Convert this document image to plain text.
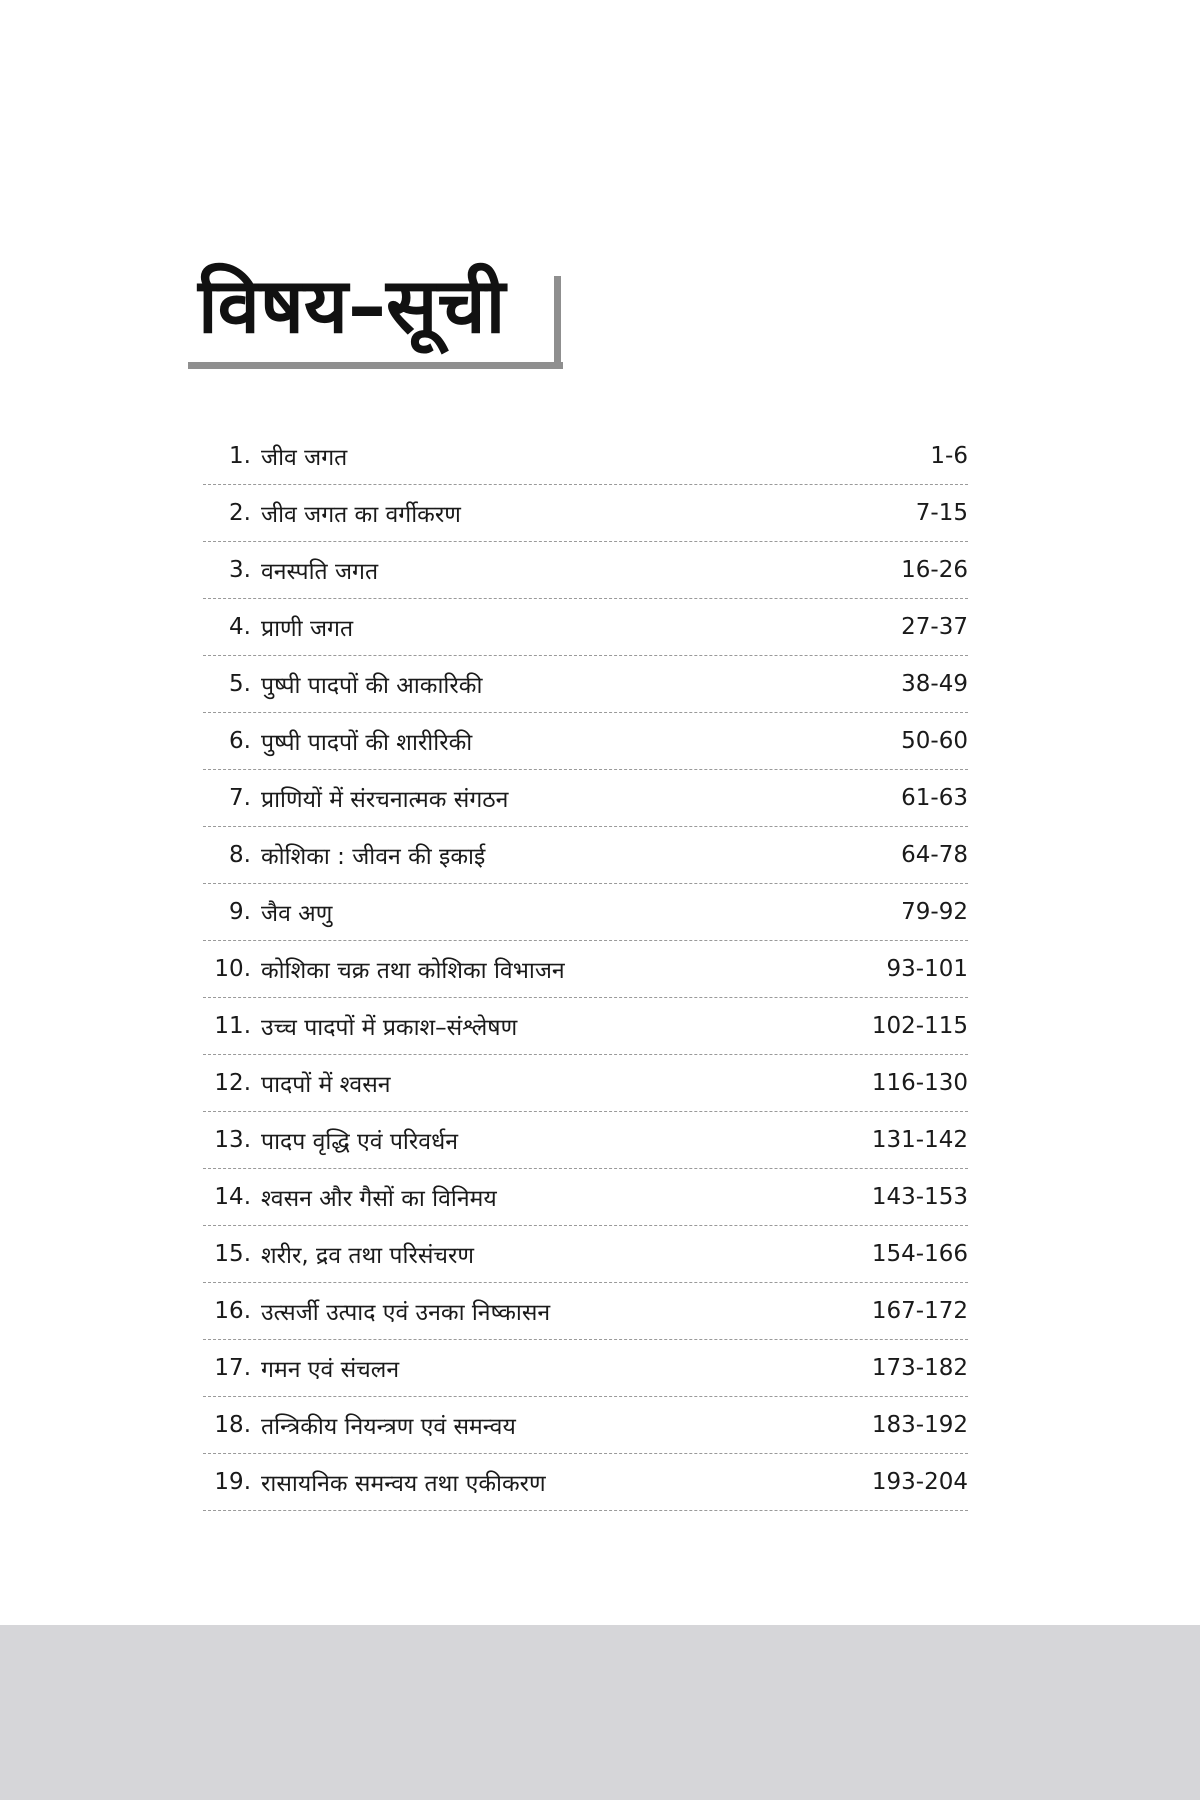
विषय–सूची
1. जीव जगत	1-6
2. जीव जगत का वर्गीकरण	7-15
3. वनस्पति जगत	16-26
4. प्राणी जगत	27-37
5. पुष्पी पादपों की आकारिकी	38-49
6. पुष्पी पादपों की शारीरिकी	50-60
7. प्राणियों में संरचनात्मक संगठन	61-63
8. कोशिका : जीवन की इकाई	64-78
9. जैव अणु	79-92
10. कोशिका चक्र तथा कोशिका विभाजन	93-101
11. उच्च पादपों में प्रकाश–संश्लेषण	102-115
12. पादपों में श्वसन	116-130
13. पादप वृद्धि एवं परिवर्धन	131-142
14. श्वसन और गैसों का विनिमय	143-153
15. शरीर, द्रव तथा परिसंचरण	154-166
16. उत्सर्जी उत्पाद एवं उनका निष्कासन	167-172
17. गमन एवं संचलन	173-182
18. तन्त्रिकीय नियन्त्रण एवं समन्वय	183-192
19. रासायनिक समन्वय तथा एकीकरण	193-204
